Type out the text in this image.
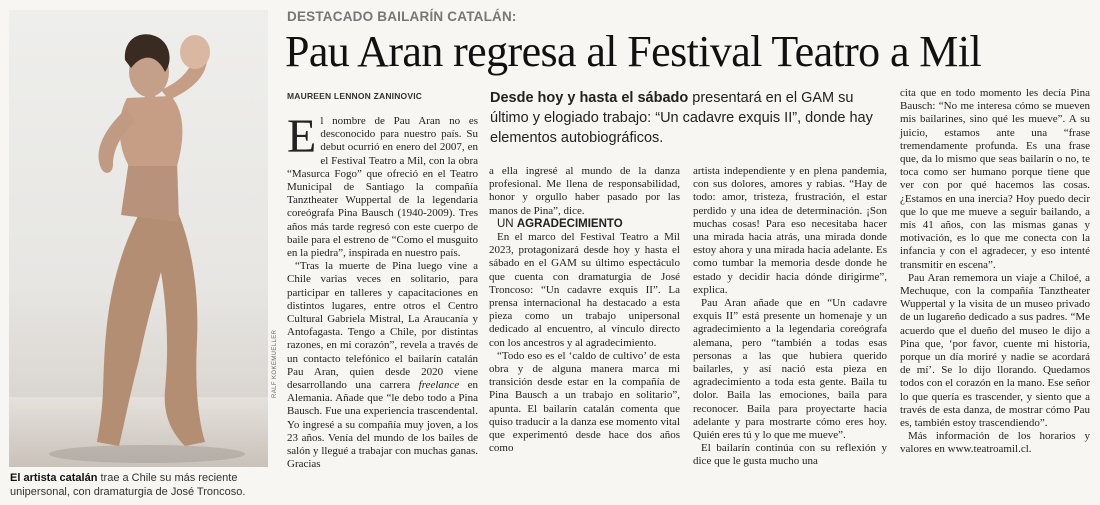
RALF KOKEMUELLER
El artista catalán trae a Chile su más reciente unipersonal, con dramaturgia de José Troncoso.
DESTACADO BAILARÍN CATALÁN:
Pau Aran regresa al Festival Teatro a Mil
MAUREEN LENNON ZANINOVIC	Desde hoy y hasta el sábado presentará en el GAM su último y elogiado trabajo: “Un cadavre exquis II”, donde hay elementos autobiográficos.

El nombre de Pau Aran no es desconocido para nuestro país. Su debut ocurrió en enero del 2007, en el Festival Teatro a Mil, con la obra “Masurca Fogo” que ofreció en el Teatro Municipal de Santiago la compañía Tanztheater Wuppertal de la legendaria coreógrafa Pina Bausch (1940-2009). Tres años más tarde regresó con este cuerpo de baile para el estreno de “Como el musguito en la piedra”, inspirada en nuestro país.

“Tras la muerte de Pina luego vine a Chile varias veces en solitario, para participar en talleres y capacitaciones en distintos lugares, entre otros el Centro Cultural Gabriela Mistral, La Araucanía y Antofagasta. Tengo a Chile, por distintas razones, en mi corazón”, revela a través de un contacto telefónico el bailarín catalán Pau Aran, quien desde 2020 viene desarrollando una carrera freelance en Alemania. Añade que “le debo todo a Pina Bausch. Fue una experiencia trascendental. Yo ingresé a su compañía muy joven, a los 23 años. Venía del mundo de los bailes de salón y llegué a trabajar con muchas ganas. Gracias

a ella ingresé al mundo de la danza profesional. Me llena de responsabilidad, honor y orgullo haber pasado por las manos de Pina”, dice.

UN AGRADECIMIENTO

En el marco del Festival Teatro a Mil 2023, protagonizará desde hoy y hasta el sábado en el GAM su último espectáculo que cuenta con dramaturgia de José Troncoso: “Un cadavre exquis II”. La prensa internacional ha destacado a esta pieza como un trabajo unipersonal dedicado al encuentro, al vínculo directo con los ancestros y al agradecimiento.

“Todo eso es el ‘caldo de cultivo’ de esta obra y de alguna manera marca mi transición desde estar en la compañía de Pina Bausch a un trabajo en solitario”, apunta. El bailarín catalán comenta que quiso traducir a la danza ese momento vital que experimentó desde hace dos años como

artista independiente y en plena pandemia, con sus dolores, amores y rabias. “Hay de todo: amor, tristeza, frustración, el estar perdido y una idea de determinación. ¡Son muchas cosas! Para eso necesitaba hacer una mirada hacia atrás, una mirada donde estoy ahora y una mirada hacia adelante. Es como tumbar la memoria desde donde he estado y decidir hacia dónde dirigirme”, explica.

Pau Aran añade que en “Un cadavre exquis II” está presente un homenaje y un agradecimiento a la legendaria coreógrafa alemana, pero “también a todas esas personas a las que hubiera querido bailarles, y así nació esta pieza en agradecimiento a toda esta gente. Baila tu dolor. Baila las emociones, baila para reconocer. Baila para proyectarte hacia adelante y para mostrarte cómo eres hoy. Quién eres tú y lo que me mueve”.

El bailarín continúa con su reflexión y dice que le gusta mucho una

cita que en todo momento les decía Pina Bausch: “No me interesa cómo se mueven mis bailarines, sino qué les mueve”. A su juicio, estamos ante una “frase tremendamente profunda. Es una frase que, da lo mismo que seas bailarín o no, te toca como ser humano porque tiene que ver con por qué hacemos las cosas. ¿Estamos en una inercia? Hoy puedo decir que lo que me mueve a seguir bailando, a mis 41 años, con las mismas ganas y motivación, es lo que me conecta con la infancia y con el agradecer, y eso intenté transmitir en escena”.

Pau Aran rememora un viaje a Chiloé, a Mechuque, con la compañía Tanztheater Wuppertal y la visita de un museo privado de un lugareño dedicado a sus padres. “Me acuerdo que el dueño del museo le dijo a Pina que, ‘por favor, cuente mi historia, porque un día moriré y nadie se acordará de mí’. Se lo dijo llorando. Quedamos todos con el corazón en la mano. Ese señor lo que quería es trascender, y siento que a través de esta danza, de mostrar cómo Pau es, también estoy trascendiendo”.

Más información de los horarios y valores en www.teatroamil.cl.
